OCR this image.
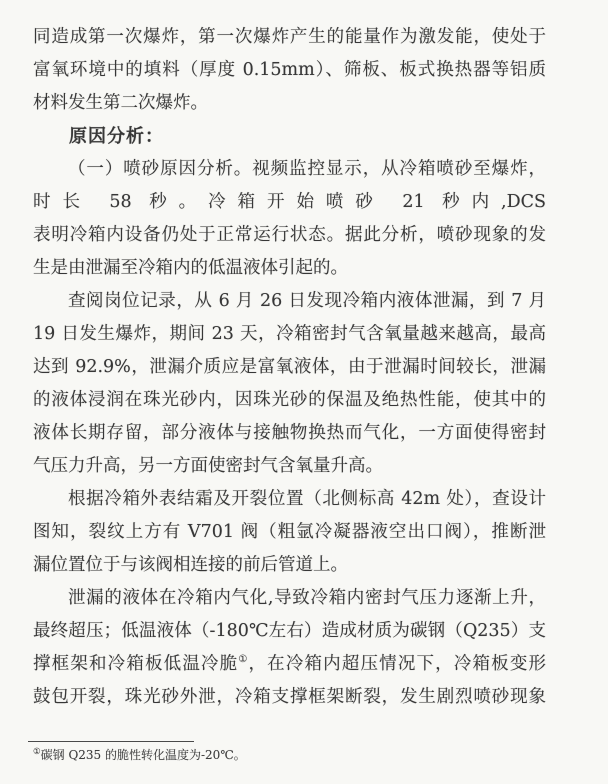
同造成第一次爆炸，第一次爆炸产生的能量作为激发能，使处于
富氧环境中的填料（厚度 0.15mm）、筛板、板式换热器等铝质
材料发生第二次爆炸。
原因分析：
（一）喷砂原因分析。视频监控显示，从冷箱喷砂至爆炸，
时长 58 秒。冷箱开始喷砂 21 秒内,DCS
表明冷箱内设备仍处于正常运行状态。据此分析，喷砂现象的发
生是由泄漏至冷箱内的低温液体引起的。
查阅岗位记录，从 6 月 26 日发现冷箱内液体泄漏，到 7 月
19 日发生爆炸，期间 23 天，冷箱密封气含氧量越来越高，最高
达到 92.9%，泄漏介质应是富氧液体，由于泄漏时间较长，泄漏
的液体浸润在珠光砂内，因珠光砂的保温及绝热性能，使其中的
液体长期存留，部分液体与接触物换热而气化，一方面使得密封
气压力升高，另一方面使密封气含氧量升高。
根据冷箱外表结霜及开裂位置（北侧标高 42m 处），查设计
图知，裂纹上方有 V701 阀（粗氩冷凝器液空出口阀），推断泄
漏位置位于与该阀相连接的前后管道上。
泄漏的液体在冷箱内气化,导致冷箱内密封气压力逐渐上升，
最终超压；低温液体（-180℃左右）造成材质为碳钢（Q235）支
撑框架和冷箱板低温冷脆①，在冷箱内超压情况下，冷箱板变形
鼓包开裂，珠光砂外泄，冷箱支撑框架断裂，发生剧烈喷砂现象
①碳钢 Q235 的脆性转化温度为-20℃。
